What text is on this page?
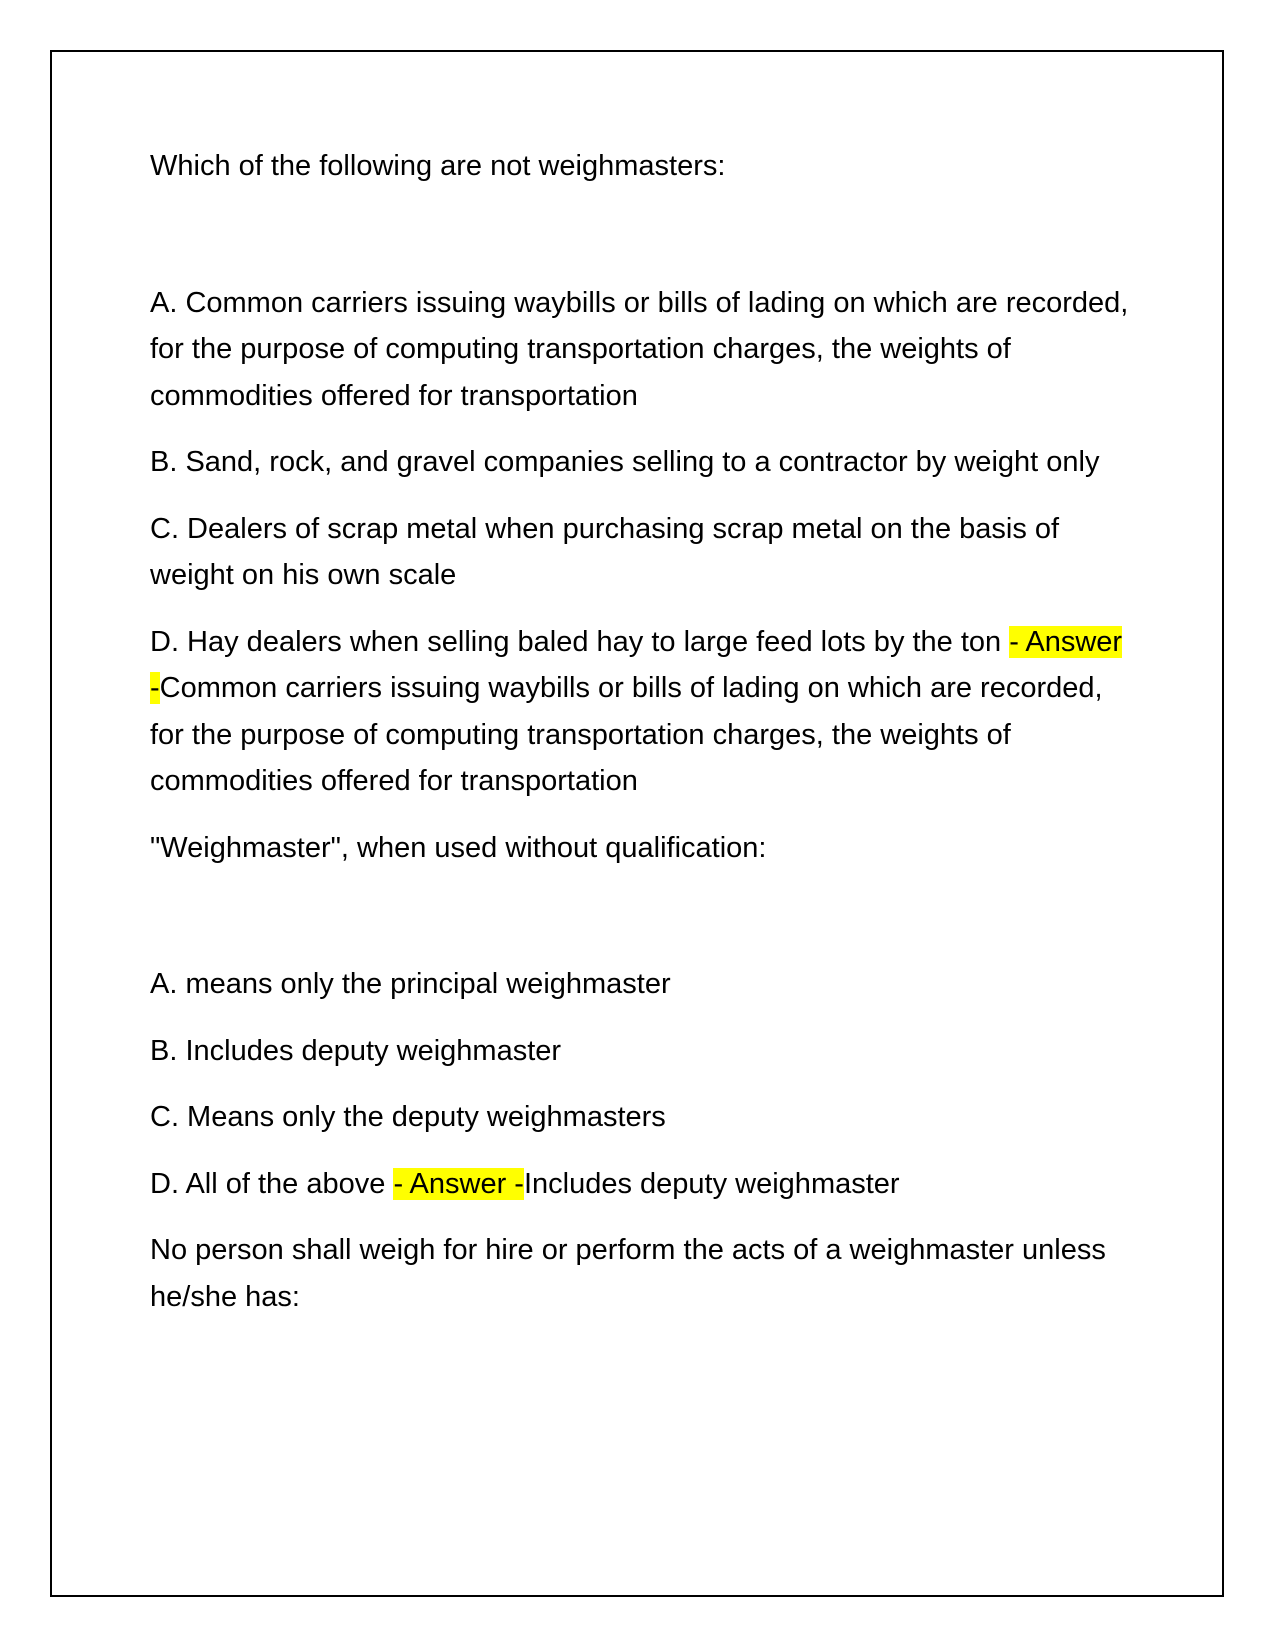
Which of the following are not weighmasters:

A. Common carriers issuing waybills or bills of lading on which are recorded, for the purpose of computing transportation charges, the weights of commodities offered for transportation

B. Sand, rock, and gravel companies selling to a contractor by weight only

C. Dealers of scrap metal when purchasing scrap metal on the basis of weight on his own scale

D. Hay dealers when selling baled hay to large feed lots by the ton - Answer -Common carriers issuing waybills or bills of lading on which are recorded, for the purpose of computing transportation charges, the weights of commodities offered for transportation

"Weighmaster", when used without qualification:

A. means only the principal weighmaster

B. Includes deputy weighmaster

C. Means only the deputy weighmasters

D. All of the above - Answer -Includes deputy weighmaster

No person shall weigh for hire or perform the acts of a weighmaster unless he/she has:
